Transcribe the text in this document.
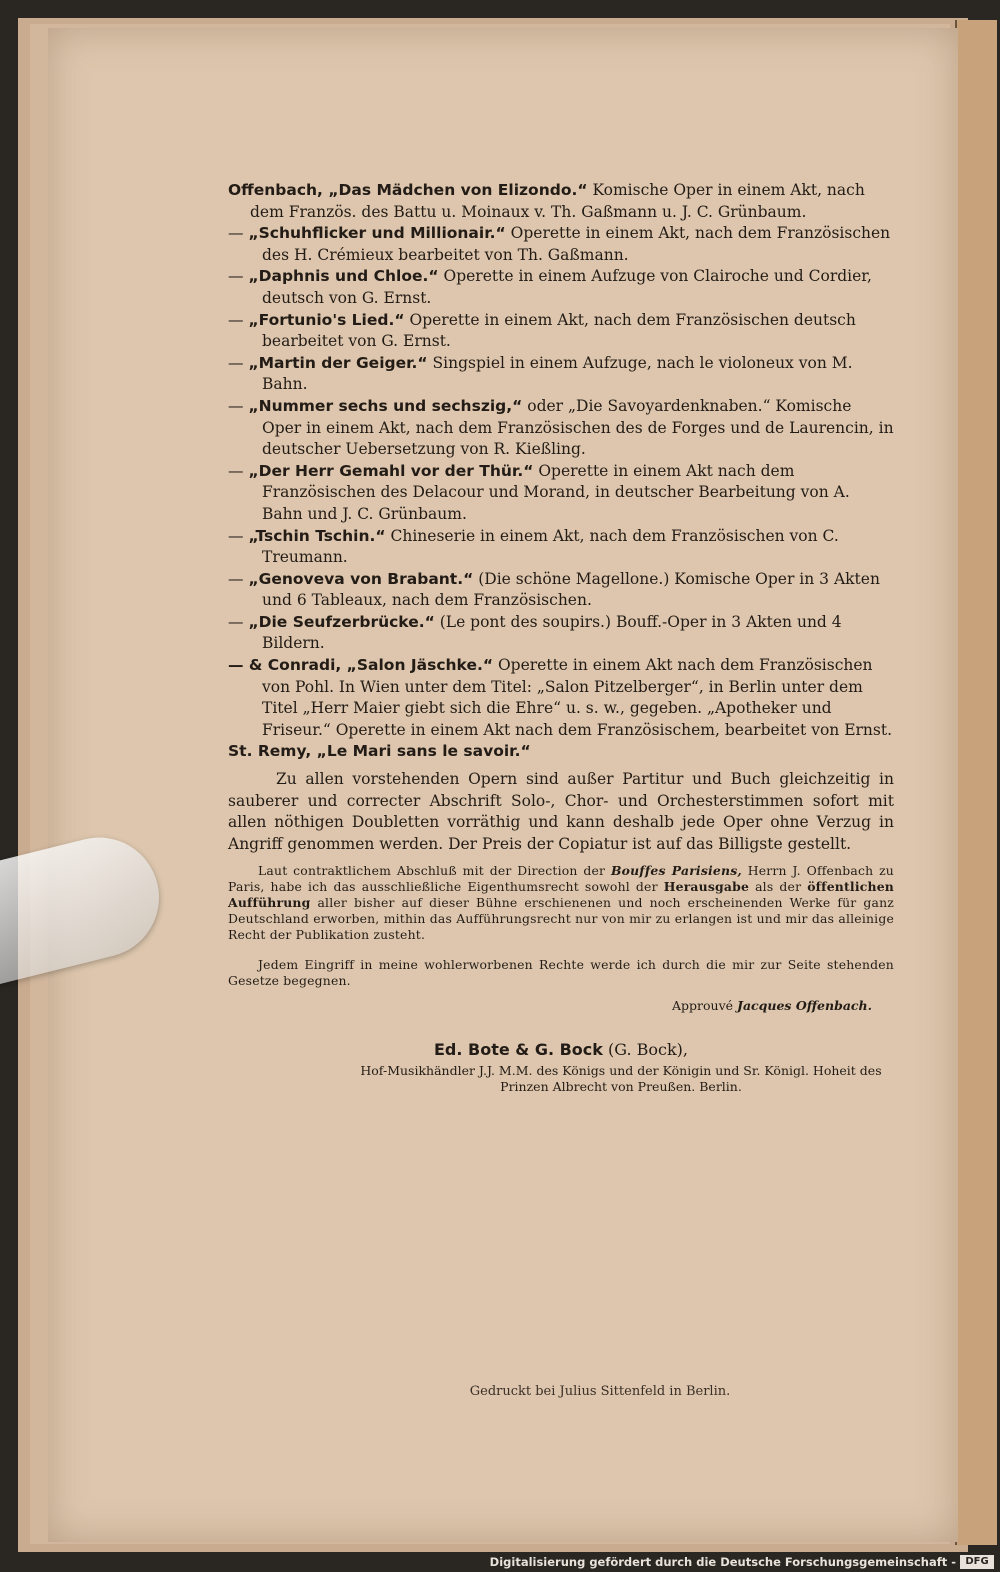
Offenbach, „Das Mädchen von Elizondo.“ Komische Oper in einem Akt, nach dem Französ. des Battu u. Moinaux v. Th. Gaßmann u. J. C. Grünbaum.

— „Schuhflicker und Millionair.“ Operette in einem Akt, nach dem Französischen des H. Crémieux bearbeitet von Th. Gaßmann.

— „Daphnis und Chloe.“ Operette in einem Aufzuge von Clairoche und Cordier, deutsch von G. Ernst.

— „Fortunio's Lied.“ Operette in einem Akt, nach dem Französischen deutsch bearbeitet von G. Ernst.

— „Martin der Geiger.“ Singspiel in einem Aufzuge, nach le violoneux von M. Bahn.

— „Nummer sechs und sechszig,“ oder „Die Savoyardenknaben.“ Komische Oper in einem Akt, nach dem Französischen des de Forges und de Laurencin, in deutscher Uebersetzung von R. Kießling.

— „Der Herr Gemahl vor der Thür.“ Operette in einem Akt nach dem Französischen des Delacour und Morand, in deutscher Bearbeitung von A. Bahn und J. C. Grünbaum.

— „Tschin Tschin.“ Chineserie in einem Akt, nach dem Französischen von C. Treumann.

— „Genoveva von Brabant.“ (Die schöne Magellone.) Komische Oper in 3 Akten und 6 Tableaux, nach dem Französischen.

— „Die Seufzerbrücke.“ (Le pont des soupirs.) Bouff.-Oper in 3 Akten und 4 Bildern.

— & Conradi, „Salon Jäschke.“ Operette in einem Akt nach dem Französischen von Pohl. In Wien unter dem Titel: „Salon Pitzelberger“, in Berlin unter dem Titel „Herr Maier giebt sich die Ehre“ u. s. w., gegeben. „Apotheker und Friseur.“ Operette in einem Akt nach dem Französischem, bearbeitet von Ernst.

St. Remy, „Le Mari sans le savoir.“

Zu allen vorstehenden Opern sind außer Partitur und Buch gleichzeitig in sauberer und correcter Abschrift Solo-, Chor- und Orchesterstimmen sofort mit allen nöthigen Doubletten vorräthig und kann deshalb jede Oper ohne Verzug in Angriff genommen werden. Der Preis der Copiatur ist auf das Billigste gestellt.

Laut contraktlichem Abschluß mit der Direction der Bouffes Parisiens, Herrn J. Offenbach zu Paris, habe ich das ausschließliche Eigenthumsrecht sowohl der Herausgabe als der öffentlichen Aufführung aller bisher auf dieser Bühne erschienenen und noch erscheinenden Werke für ganz Deutschland erworben, mithin das Aufführungsrecht nur von mir zu erlangen ist und mir das alleinige Recht der Publikation zusteht.

Jedem Eingriff in meine wohlerworbenen Rechte werde ich durch die mir zur Seite stehenden Gesetze begegnen.

Approuvé Jacques Offenbach.
Ed. Bote & G. Bock (G. Bock),
Hof-Musikhändler J.J. M.M. des Königs und der Königin und Sr. Königl. Hoheit des Prinzen Albrecht von Preußen. Berlin.
Gedruckt bei Julius Sittenfeld in Berlin.
Digitalisierung gefördert durch die Deutsche Forschungsgemeinschaft - DFG
